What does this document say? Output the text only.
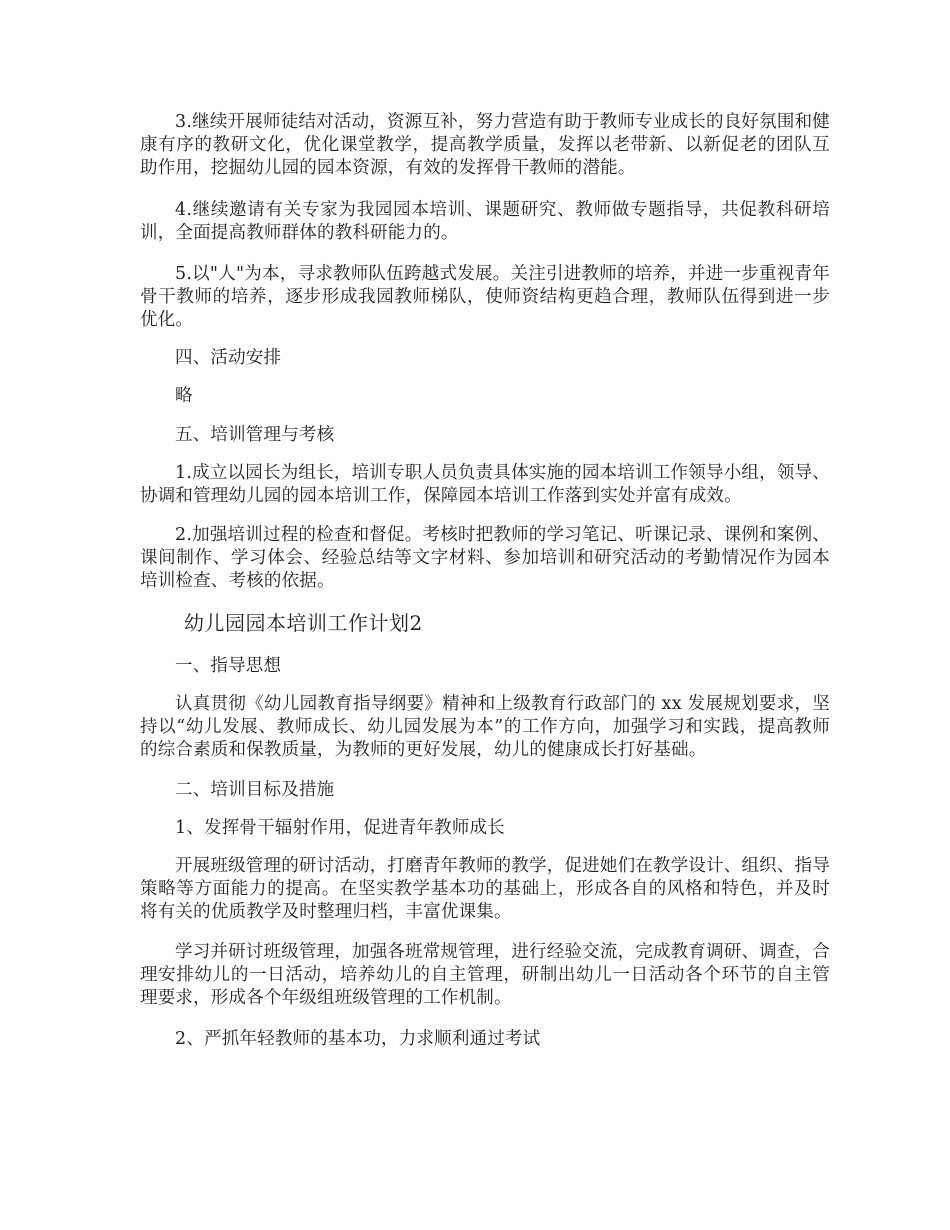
3.继续开展师徒结对活动，资源互补，努力营造有助于教师专业成长的良好氛围和健康有序的教研文化，优化课堂教学，提高教学质量，发挥以老带新、以新促老的团队互助作用，挖掘幼儿园的园本资源，有效的发挥骨干教师的潜能。

4.继续邀请有关专家为我园园本培训、课题研究、教师做专题指导，共促教科研培训，全面提高教师群体的教科研能力的。

5.以"人"为本，寻求教师队伍跨越式发展。关注引进教师的培养，并进一步重视青年骨干教师的培养，逐步形成我园教师梯队，使师资结构更趋合理，教师队伍得到进一步优化。

四、活动安排

略

五、培训管理与考核

1.成立以园长为组长，培训专职人员负责具体实施的园本培训工作领导小组，领导、协调和管理幼儿园的园本培训工作，保障园本培训工作落到实处并富有成效。

2.加强培训过程的检查和督促。考核时把教师的学习笔记、听课记录、课例和案例、课间制作、学习体会、经验总结等文字材料、参加培训和研究活动的考勤情况作为园本培训检查、考核的依据。

幼儿园园本培训工作计划2

一、指导思想

认真贯彻《幼儿园教育指导纲要》精神和上级教育行政部门的 xx 发展规划要求，坚持以“幼儿发展、教师成长、幼儿园发展为本”的工作方向，加强学习和实践，提高教师的综合素质和保教质量，为教师的更好发展，幼儿的健康成长打好基础。

二、培训目标及措施

1、发挥骨干辐射作用，促进青年教师成长

开展班级管理的研讨活动，打磨青年教师的教学，促进她们在教学设计、组织、指导策略等方面能力的提高。在坚实教学基本功的基础上，形成各自的风格和特色，并及时将有关的优质教学及时整理归档，丰富优课集。

学习并研讨班级管理，加强各班常规管理，进行经验交流，完成教育调研、调查，合理安排幼儿的一日活动，培养幼儿的自主管理，研制出幼儿一日活动各个环节的自主管理要求，形成各个年级组班级管理的工作机制。

2、严抓年轻教师的基本功，力求顺利通过考试
